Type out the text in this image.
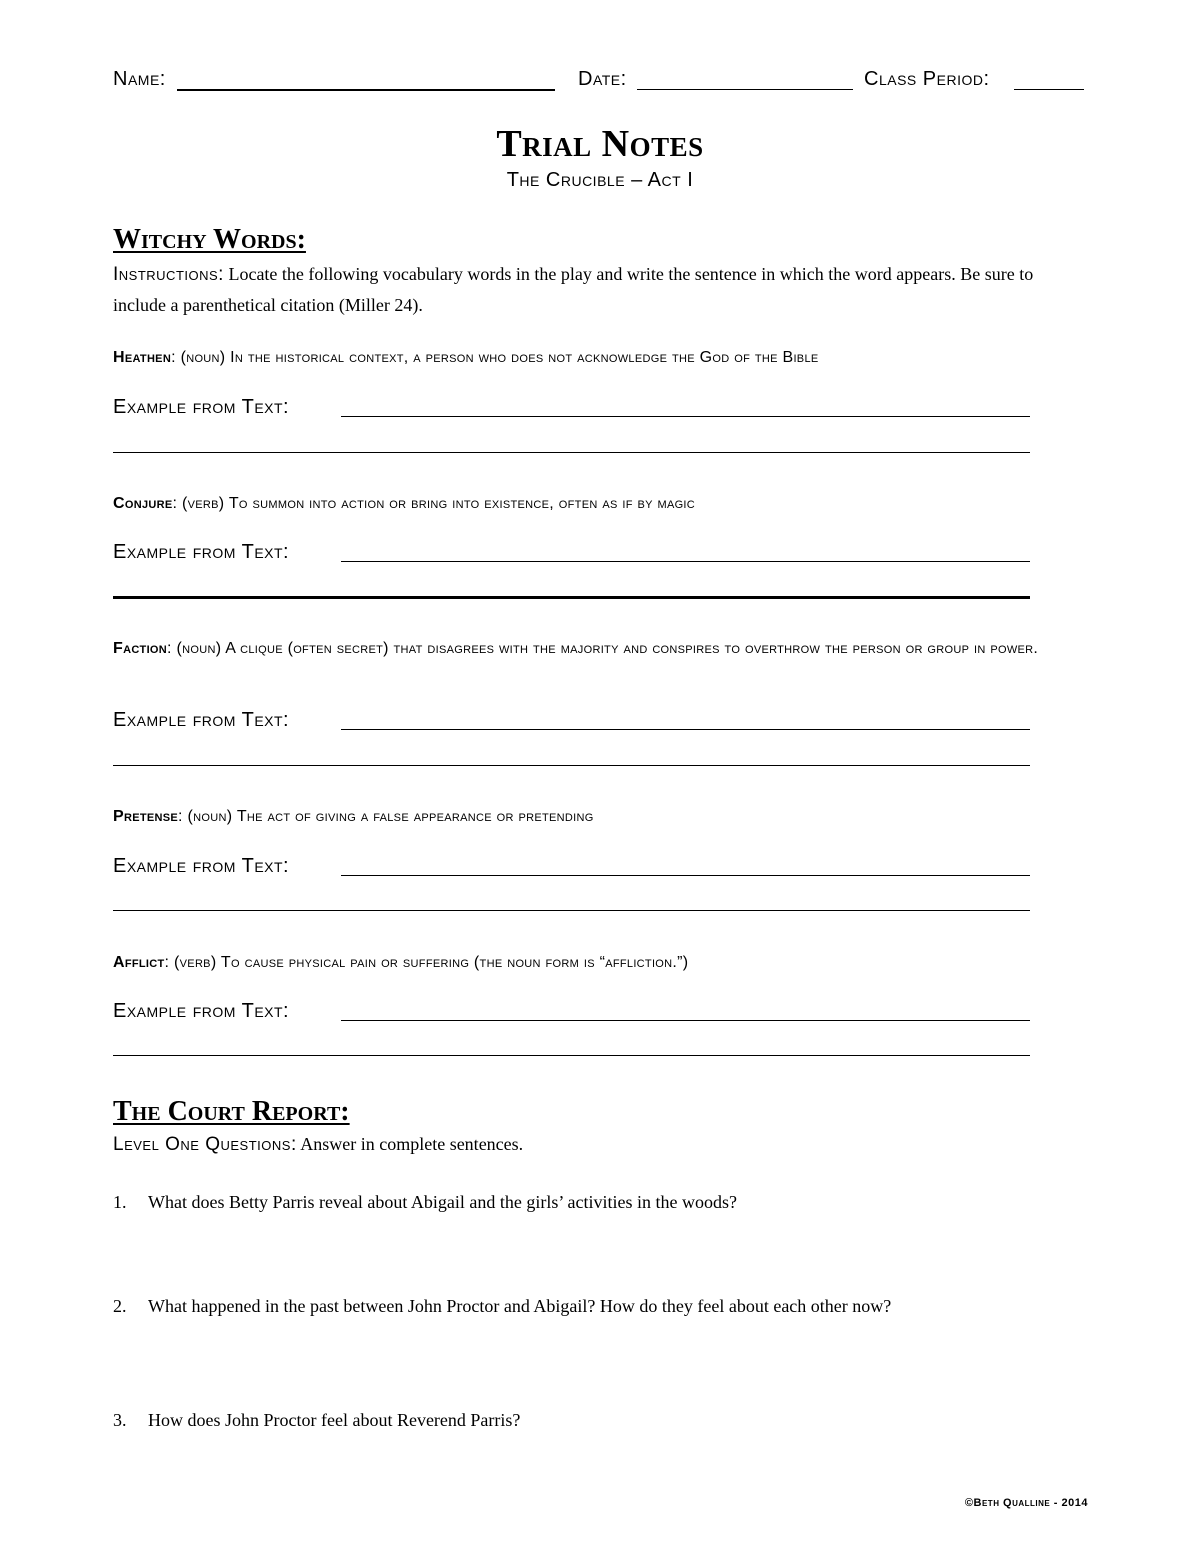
Name:	Date:	Class Period:
Trial Notes
The Crucible – Act I
Witchy Words:
Instructions: Locate the following vocabulary words in the play and write the sentence in which the word appears. Be sure to include a parenthetical citation (Miller 24).
Heathen: (noun) In the historical context, a person who does not acknowledge the God of the Bible
Example from Text:
Conjure: (verb) To summon into action or bring into existence, often as if by magic
Example from Text:
Faction: (noun) A clique (often secret) that disagrees with the majority and conspires to overthrow the person or group in power.
Example from Text:
Pretense: (noun) The act of giving a false appearance or pretending
Example from Text:
Afflict: (verb) To cause physical pain or suffering (the noun form is “affliction.”)
Example from Text:
The Court Report:
Level One Questions: Answer in complete sentences.
1. What does Betty Parris reveal about Abigail and the girls’ activities in the woods?
2. What happened in the past between John Proctor and Abigail? How do they feel about each other now?
3. How does John Proctor feel about Reverend Parris?
©Beth Qualline - 2014
